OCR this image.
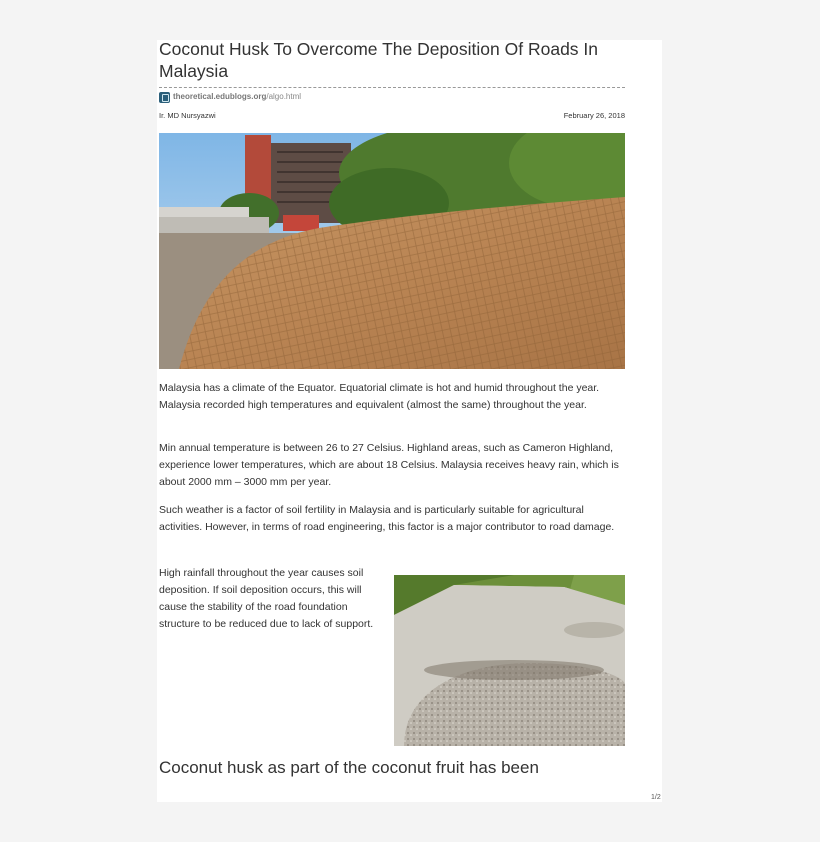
Coconut Husk To Overcome The Deposition Of Roads In Malaysia
theoretical.edublogs.org/algo.html
Ir. MD Nursyazwi	February 26, 2018

Malaysia has a climate of the Equator. Equatorial climate is hot and humid throughout the year. Malaysia recorded high temperatures and equivalent (almost the same) throughout the year.

Min annual temperature is between 26 to 27 Celsius. Highland areas, such as Cameron Highland, experience lower temperatures, which are about 18 Celsius. Malaysia receives heavy rain, which is about 2000 mm – 3000 mm per year.

Such weather is a factor of soil fertility in Malaysia and is particularly suitable for agricultural activities. However, in terms of road engineering, this factor is a major contributor to road damage.

High rainfall throughout the year causes soil deposition. If soil deposition occurs, this will cause the stability of the road foundation structure to be reduced due to lack of support.

Coconut husk as part of the coconut fruit has been
1/2
